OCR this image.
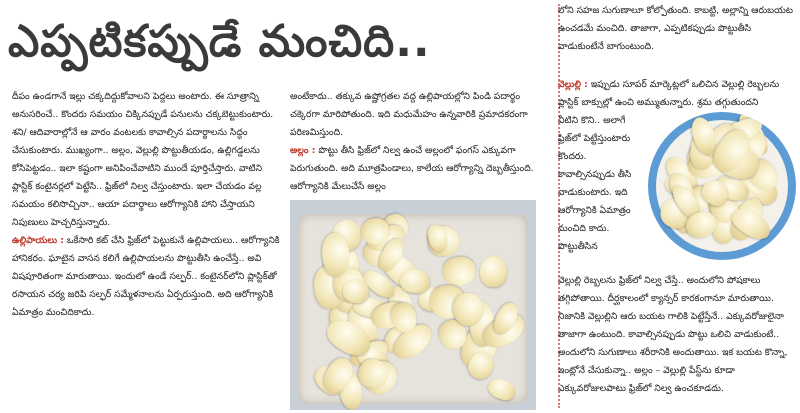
ఎప్పటికప్పుడే మంచిది..

దీపం ఉండగానే ఇల్లు చక్కదిద్దుకోవాలని పెద్దలు అంటారు. ఈ సూత్రాన్ని అనుసరించే.. కొందరు సమయం చిక్కినప్పుడే పనులను చక్కబెట్టుకుంటారు. శని/ ఆదివారాల్లోనే ఆ వారం వంటలకు కావాల్సిన పదార్థాలను సిద్ధం చేసుకుంటారు. ముఖ్యంగా.. అల్లం, వెల్లుల్లి పొట్టుతీయడం, ఉల్లిగడ్డలను కోసిపెట్టడం.. ఇలా కష్టంగా అనిపించేవాటిని ముందే పూర్తిచేస్తారు. వాటిని ప్లాస్టిక్ కంటైనర్లలో పెట్టేసి.. ఫ్రిజ్‌లో నిల్వ చేస్తుంటారు. ఇలా చేయడం వల్ల సమయం కలిసొచ్చినా.. ఆయా పదార్థాలు ఆరోగ్యానికి హాని చేస్తాయని నిపుణులు హెచ్చరిస్తున్నారు.

ఉల్లిపాయలు : ఒకేసారి కట్ చేసి ఫ్రిజ్‌లో పెట్టుకునే ఉల్లిపాయలు.. ఆరోగ్యానికి హానికరం. ఘాటైన వాసన కలిగే ఉల్లిపాయలను పొట్టుతీసి ఉంచేస్తే.. అవి విషపూరితంగా మారుతాయి. ఇందులో ఉండే సల్ఫర్.. కంటైనర్‌లోని ప్లాస్టిక్‌తో రసాయన చర్య జరిపి సల్ఫర్ సమ్మేళనాలను ఏర్పరుస్తుంది. అది ఆరోగ్యానికి ఏమాత్రం మంచిదికాదు.

అంటేకాదు.. తక్కువ ఉష్ణోగ్రతల వద్ద ఉల్లిపాయల్లోని పిండి పదార్థం చక్కెరగా మారిపోతుంది. ఇది మధుమేహం ఉన్నవారికి ప్రమాదకరంగా పరిణమిస్తుంది.

అల్లం : పొట్టు తీసి ఫ్రిజ్‌లో నిల్వ ఉంచే అల్లంలో ఫంగస్ ఎక్కువగా పెరుగుతుంది. అది మూత్రపిండాలు, కాలేయ ఆరోగ్యాన్ని దెబ్బతీస్తుంది. ఆరోగ్యానికి మేలుచేసే అల్లం

లోని సహజ సుగుణాలూ కోల్పోతుంది. కాబట్టి, అల్లాన్ని ఆరుబయట ఉంచడమే మంచిది. తాజాగా, ఎప్పటికప్పుడు పొట్టుతీసి వాడుకుంటేనే బాగుంటుంది.
వెల్లుల్లి : ఇప్పుడు సూపర్ మార్కెట్లలో ఒలిచిన వెల్లుల్లి రెబ్బలను ప్లాస్టిక్ బాక్సుల్లో ఉంచి అమ్ముతున్నారు. శ్రమ తగ్గుతుందని
వీటిని కొని.. అలాగే ఫ్రిజ్‌లో పెట్టేస్తుంటారు కొందరు. కావాల్సినప్పుడు తీసి వాడుకుంటారు. ఇది ఆరోగ్యానికి ఏమాత్రం మంచిది కాదు. పొట్టుతీసిన
వెల్లుల్లి రెబ్బలను ఫ్రిజ్‌లో నిల్వ చేస్తే.. అందులోని పోషకాలు తగ్గిపోతాయి. దీర్ఘకాలంలో క్యాన్సర్ కారకంగానూ మారుతాయి. నిజానికి వెల్లుల్లిని ఆరు బయట గాలికి పెట్టేస్తేనే.. ఎక్కువరోజులైనా తాజాగా ఉంటుంది. కావాల్సినప్పుడు పొట్టు ఒలిచి వాడుకుంటే.. అందులోని సుగుణాలు శరీరానికి అందుతాయి. ఇక బయట కొన్నా, ఇంట్లోనే చేసుకున్నా.. అల్లం – వెల్లుల్లి పేస్ట్‌ను కూడా ఎక్కువరోజులపాటు ఫ్రిజ్‌లో నిల్వ ఉంచకూడదు.
